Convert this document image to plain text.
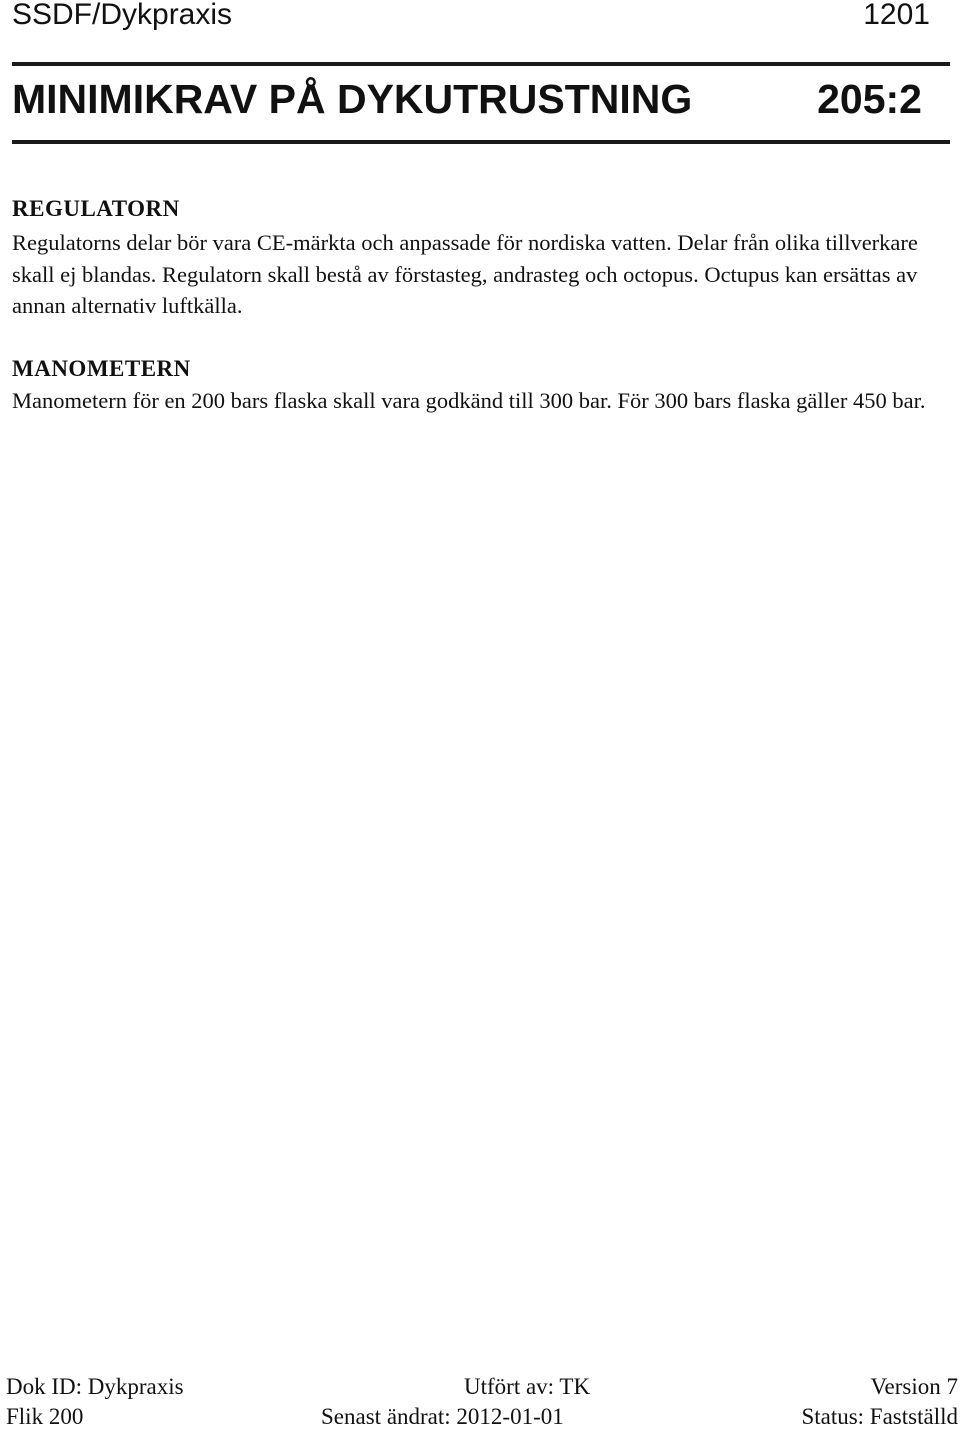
SSDF/Dykpraxis	1201
MINIMIKRAV PÅ DYKUTRUSTNING	205:2
REGULATORN

Regulatorns delar bör vara CE-märkta och anpassade för nordiska vatten. Delar från olika tillverkare skall ej blandas. Regulatorn skall bestå av förstasteg, andrasteg och octopus. Octupus kan ersättas av annan alternativ luftkälla.

MANOMETERN

Manometern för en 200 bars flaska skall vara godkänd till 300 bar. För 300 bars flaska gäller 450 bar.

Dok ID: Dykpraxis	Utfört av: TK	Version 7
Flik 200	Senast ändrat: 2012-01-01	Status: Fastställd
